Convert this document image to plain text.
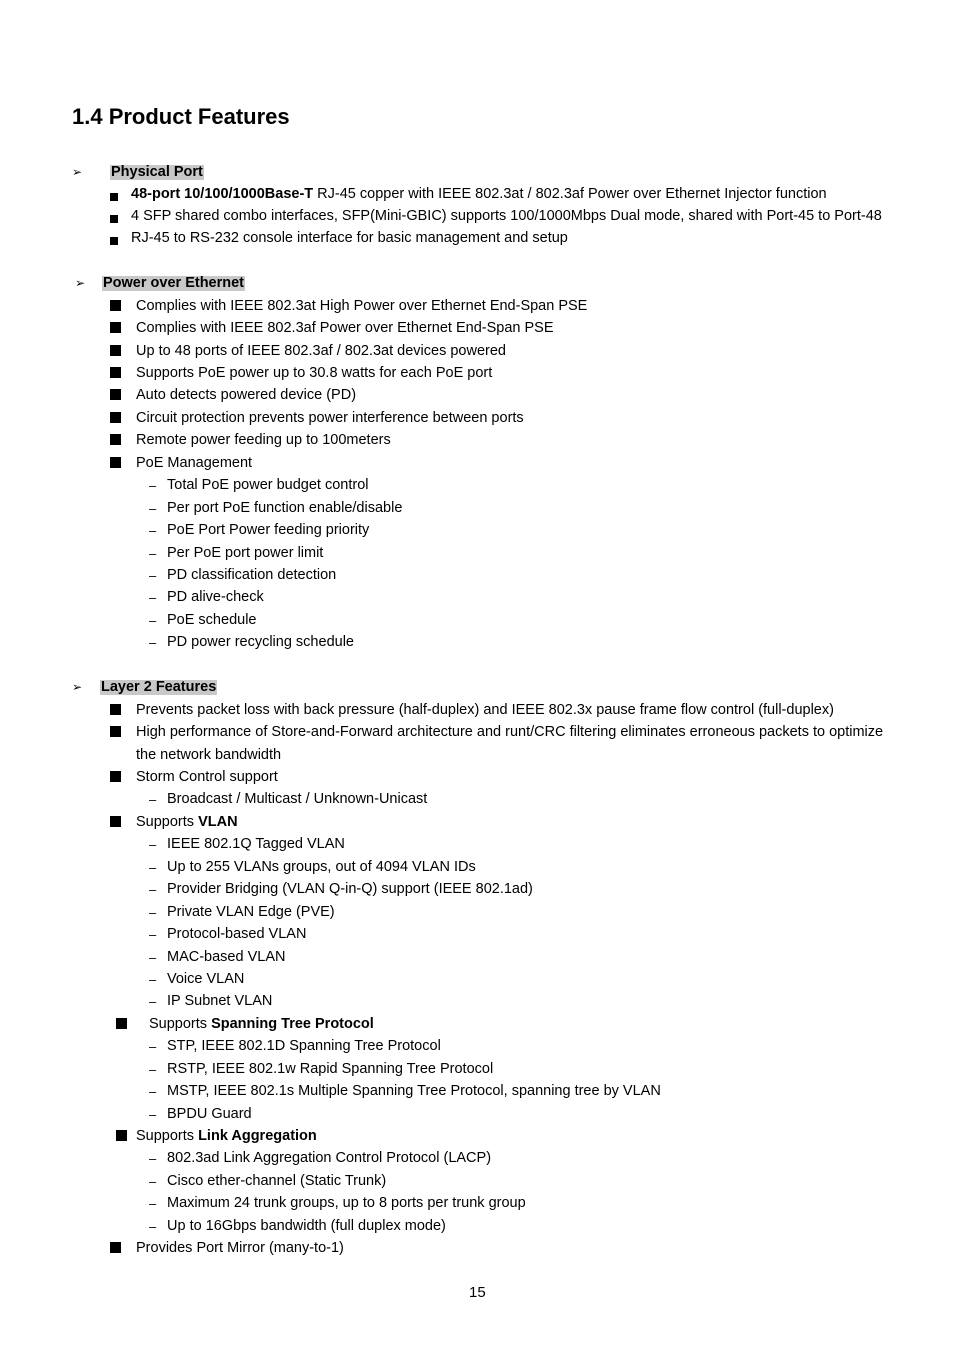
1.4 Product Features
➢ Physical Port
48-port 10/100/1000Base-T RJ-45 copper with IEEE 802.3at / 802.3af Power over Ethernet Injector function
4 SFP shared combo interfaces, SFP(Mini-GBIC) supports 100/1000Mbps Dual mode, shared with Port-45 to Port-48
RJ-45 to RS-232 console interface for basic management and setup
➢ Power over Ethernet
Complies with IEEE 802.3at High Power over Ethernet End-Span PSE
Complies with IEEE 802.3af Power over Ethernet End-Span PSE
Up to 48 ports of IEEE 802.3af / 802.3at devices powered
Supports PoE power up to 30.8 watts for each PoE port
Auto detects powered device (PD)
Circuit protection prevents power interference between ports
Remote power feeding up to 100meters
PoE Management
– Total PoE power budget control
– Per port PoE function enable/disable
– PoE Port Power feeding priority
– Per PoE port power limit
– PD classification detection
– PD alive-check
– PoE schedule
– PD power recycling schedule
➢ Layer 2 Features
Prevents packet loss with back pressure (half-duplex) and IEEE 802.3x pause frame flow control (full-duplex)
High performance of Store-and-Forward architecture and runt/CRC filtering eliminates erroneous packets to optimize
the network bandwidth
Storm Control support
– Broadcast / Multicast / Unknown-Unicast
Supports VLAN
– IEEE 802.1Q Tagged VLAN
– Up to 255 VLANs groups, out of 4094 VLAN IDs
– Provider Bridging (VLAN Q-in-Q) support (IEEE 802.1ad)
– Private VLAN Edge (PVE)
– Protocol-based VLAN
– MAC-based VLAN
– Voice VLAN
– IP Subnet VLAN
Supports Spanning Tree Protocol
– STP, IEEE 802.1D Spanning Tree Protocol
– RSTP, IEEE 802.1w Rapid Spanning Tree Protocol
– MSTP, IEEE 802.1s Multiple Spanning Tree Protocol, spanning tree by VLAN
– BPDU Guard
Supports Link Aggregation
– 802.3ad Link Aggregation Control Protocol (LACP)
– Cisco ether-channel (Static Trunk)
– Maximum 24 trunk groups, up to 8 ports per trunk group
– Up to 16Gbps bandwidth (full duplex mode)
Provides Port Mirror (many-to-1)
15
